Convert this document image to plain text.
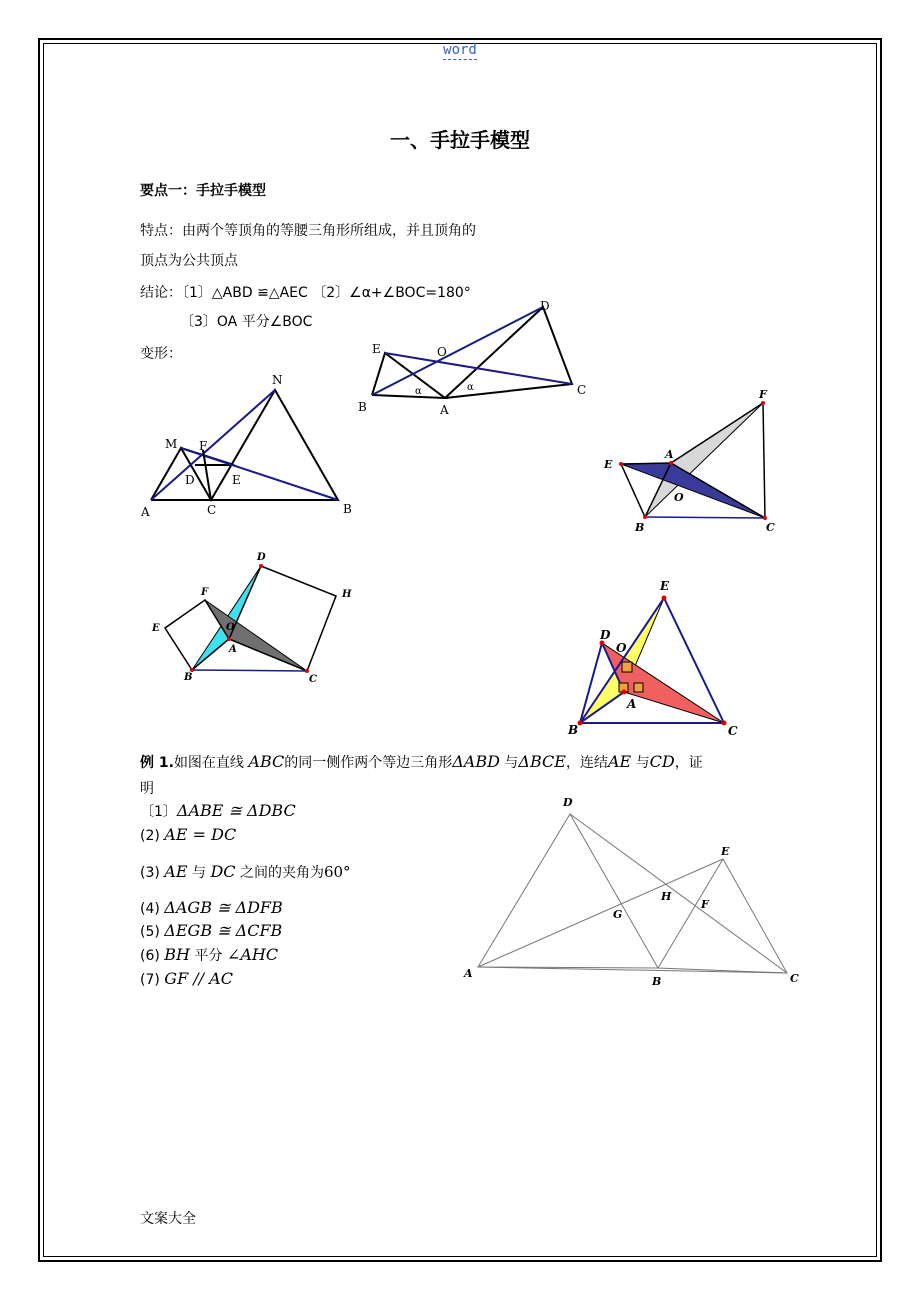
word
一、手拉手模型
要点一：手拉手模型
特点：由两个等顶角的等腰三角形所组成，并且顶角的
顶点为公共顶点
结论：〔1〕△ABD ≌△AEC 〔2〕∠α+∠BOC=180°
〔3〕OA 平分∠BOC
变形：
D
E	O
B	A
C
α	α
N
M F
D	E
A	C	B
F
E
A
O
B	C
D
F	H
E	O
A
B	C
E
D
O
A
B	C
例 1.如图在直线 ABC的同一侧作两个等边三角形ΔABD 与ΔBCE，连结AE 与CD，证
明
〔1〕ΔABE ≅ ΔDBC
(2) AE = DC
(3) AE 与 DC 之间的夹角为60°
(4) ΔAGB ≅ ΔDFB
(5) ΔEGB ≅ ΔCFB
(6) BH 平分 ∠AHC
(7) GF // AC
D
E
H
F
G
A
B	C
文案大全
